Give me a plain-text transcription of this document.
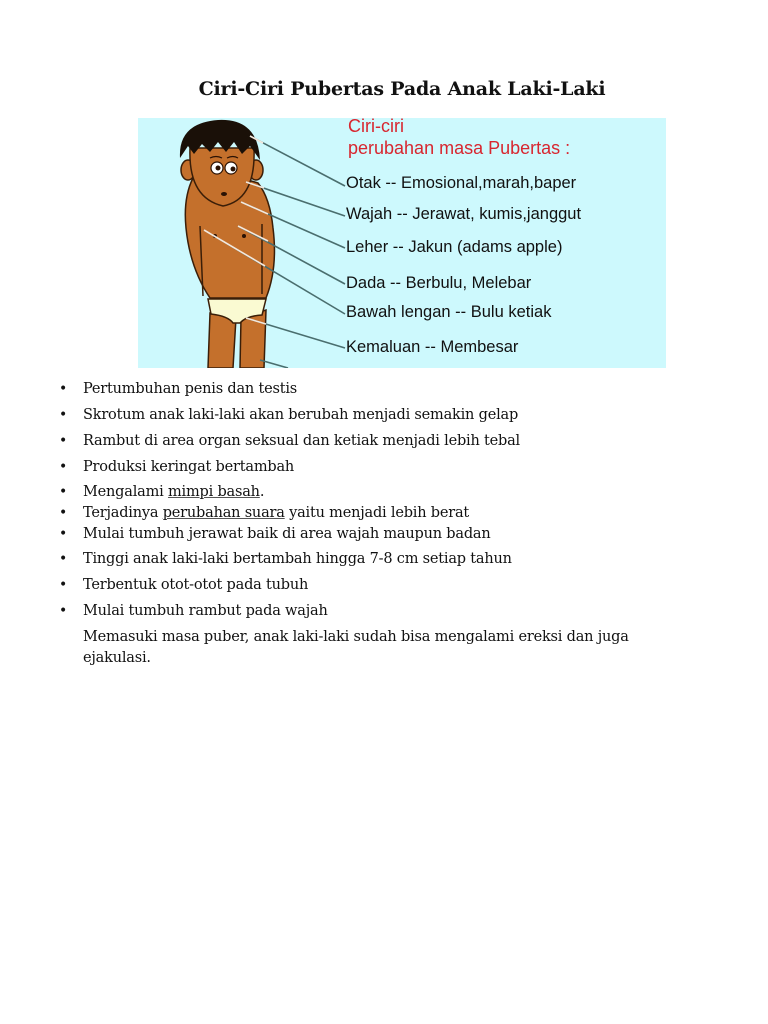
Ciri-Ciri Pubertas Pada Anak Laki-Laki
Ciri-ciri
perubahan masa Pubertas :
Otak -- Emosional,marah,baper
Wajah -- Jerawat, kumis,janggut
Leher -- Jakun (adams apple)
Dada -- Berbulu, Melebar
Bawah lengan -- Bulu ketiak
Kemaluan -- Membesar
• Pertumbuhan penis dan testis
• Skrotum anak laki-laki akan berubah menjadi semakin gelap
• Rambut di area organ seksual dan ketiak menjadi lebih tebal
• Produksi keringat bertambah
• Mengalami mimpi basah.
• Terjadinya perubahan suara yaitu menjadi lebih berat
• Mulai tumbuh jerawat baik di area wajah maupun badan
• Tinggi anak laki-laki bertambah hingga 7-8 cm setiap tahun
• Terbentuk otot-otot pada tubuh
• Mulai tumbuh rambut pada wajah
Memasuki masa puber, anak laki-laki sudah bisa mengalami ereksi dan juga ejakulasi.
